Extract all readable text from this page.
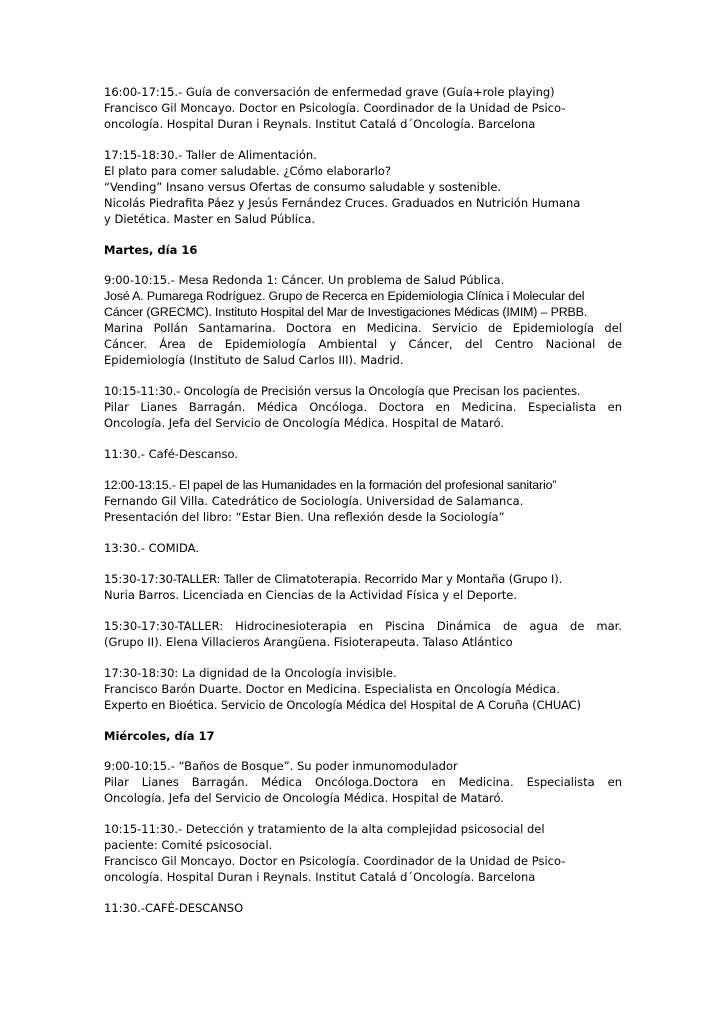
16:00-17:15.- Guía de conversación de enfermedad grave (Guía+role playing)
Francisco Gil Moncayo. Doctor en Psicología. Coordinador de la Unidad de Psico-
oncología. Hospital Duran i Reynals. Institut Catalá d´Oncología. Barcelona
17:15-18:30.- Taller de Alimentación.
El plato para comer saludable. ¿Cómo elaborarlo?
“Vending” Insano versus Ofertas de consumo saludable y sostenible.
Nicolás Piedrafita Páez y Jesús Fernández Cruces. Graduados en Nutrición Humana
y Dietética. Master en Salud Pública.
Martes, día 16
9:00-10:15.- Mesa Redonda 1: Cáncer. Un problema de Salud Pública.
José A. Pumarega Rodríguez. Grupo de Recerca en Epidemiologia Clínica i Molecular del
Cáncer (GRECMC). Instituto Hospital del Mar de Investigaciones Médicas (IMIM) – PRBB.
Marina Pollán Santamarina. Doctora en Medicina. Servicio de Epidemiología del
Cáncer. Área de Epidemiología Ambiental y Cáncer, del Centro Nacional de
Epidemiología (Instituto de Salud Carlos III). Madrid.
10:15-11:30.- Oncología de Precisión versus la Oncología que Precisan los pacientes.
Pilar Lianes Barragán. Médica Oncóloga. Doctora en Medicina. Especialista en
Oncología. Jefa del Servicio de Oncología Médica. Hospital de Mataró.
11:30.- Café-Descanso.
12:00-13:15.- El papel de las Humanidades en la formación del profesional sanitario”
Fernando Gil Villa. Catedrático de Sociología. Universidad de Salamanca.
Presentación del libro: “Estar Bien. Una reflexión desde la Sociología”
13:30.- COMIDA.
15:30-17:30-TALLER: Taller de Climatoterapia. Recorrido Mar y Montaña (Grupo I).
Nuria Barros. Licenciada en Ciencias de la Actividad Física y el Deporte.
15:30-17:30-TALLER: Hidrocinesioterapia en Piscina Dinámica de agua de mar.
(Grupo II). Elena Villacieros Arangüena. Fisioterapeuta. Talaso Atlántico
17:30-18:30: La dignidad de la Oncología invisible.
Francisco Barón Duarte. Doctor en Medicina. Especialista en Oncología Médica.
Experto en Bioética. Servicio de Oncología Médica del Hospital de A Coruña (CHUAC)
Miércoles, día 17
9:00-10:15.- “Baños de Bosque”. Su poder inmunomodulador
Pilar Lianes Barragán. Médica Oncóloga.Doctora en Medicina. Especialista en
Oncología. Jefa del Servicio de Oncología Médica. Hospital de Mataró.
10:15-11:30.- Detección y tratamiento de la alta complejidad psicosocial del
paciente: Comité psicosocial.
Francisco Gil Moncayo. Doctor en Psicología. Coordinador de la Unidad de Psico-
oncología. Hospital Duran i Reynals. Institut Catalá d´Oncología. Barcelona
11:30.-CAFÉ-DESCANSO
